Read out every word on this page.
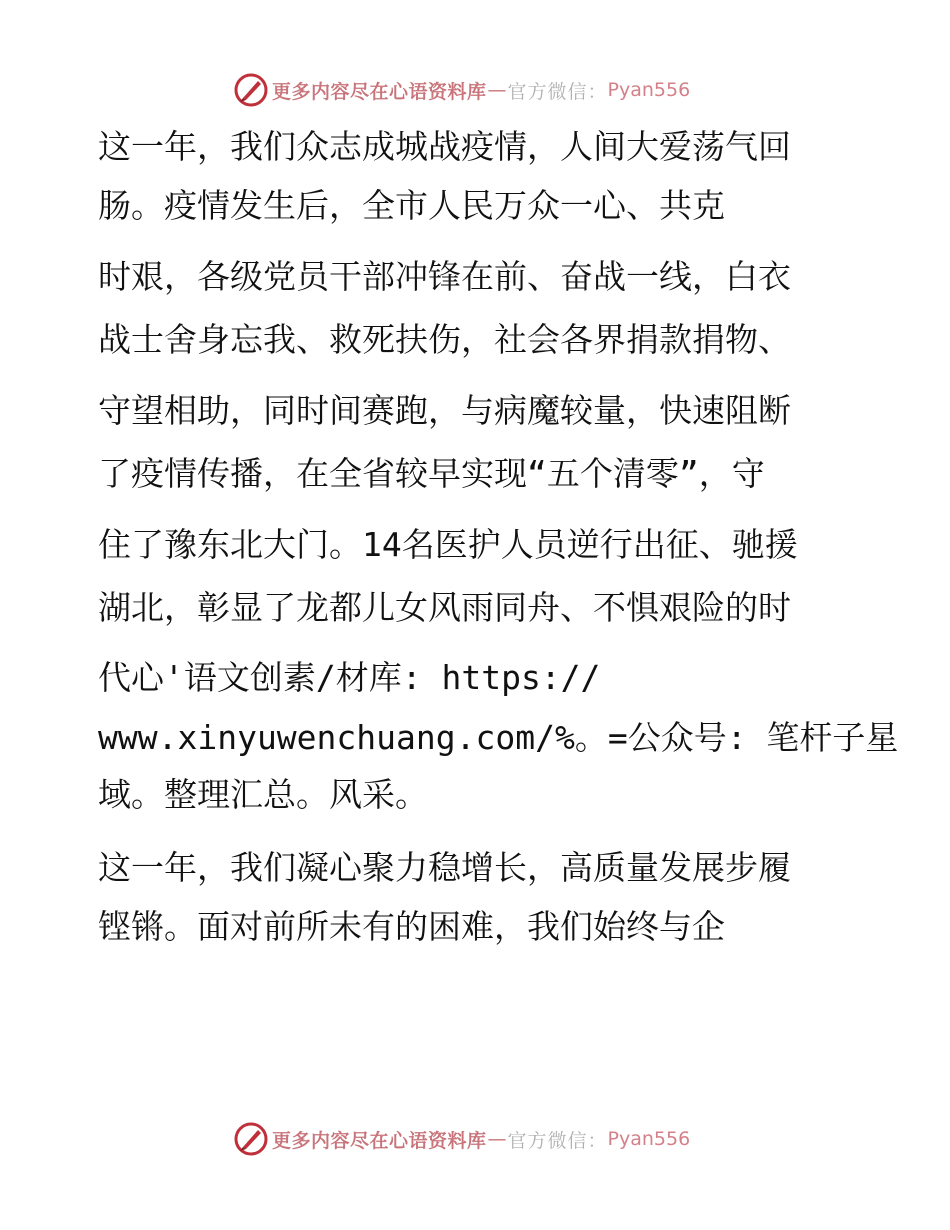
更多内容尽在心语资料库 — 官方微信： Pyan556
这一年，我们众志成城战疫情，人间大爱荡气回
肠。疫情发生后，全市人民万众一心、共克
时艰，各级党员干部冲锋在前、奋战一线，白衣
战士舍身忘我、救死扶伤，社会各界捐款捐物、
守望相助，同时间赛跑，与病魔较量，快速阻断
了疫情传播，在全省较早实现“五个清零”，守
住了豫东北大门。14名医护人员逆行出征、驰援
湖北，彰显了龙都儿女风雨同舟、不惧艰险的时
代心'语文创素/材库: https://
www.xinyuwenchuang.com/%。=公众号: 笔杆子星
域。整理汇总。风采。
这一年，我们凝心聚力稳增长，高质量发展步履
铿锵。面对前所未有的困难，我们始终与企
更多内容尽在心语资料库 — 官方微信： Pyan556
